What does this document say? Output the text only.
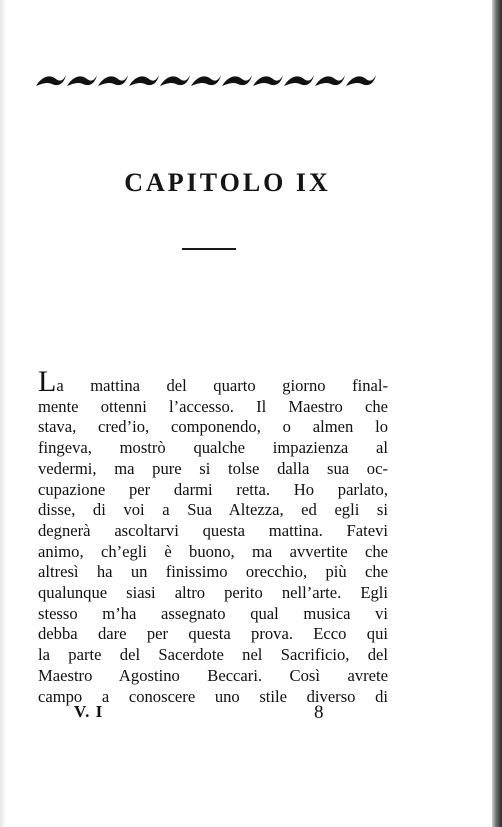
CAPITOLO IX
La mattina del quarto giorno final-
mente ottenni l’accesso. Il Maestro che
stava, cred’io, componendo, o almen lo
fingeva, mostrò qualche impazienza al
vedermi, ma pure si tolse dalla sua oc-
cupazione per darmi retta. Ho parlato,
disse, di voi a Sua Altezza, ed egli si
degnerà ascoltarvi questa mattina. Fatevi
animo, ch’egli è buono, ma avvertite che
altresì ha un finissimo orecchio, più che
qualunque siasi altro perito nell’arte. Egli
stesso m’ha assegnato qual musica vi
debba dare per questa prova. Ecco qui
la parte del Sacerdote nel Sacrificio, del
Maestro Agostino Beccari. Così avrete
campo a conoscere uno stile diverso di
V. I	8
